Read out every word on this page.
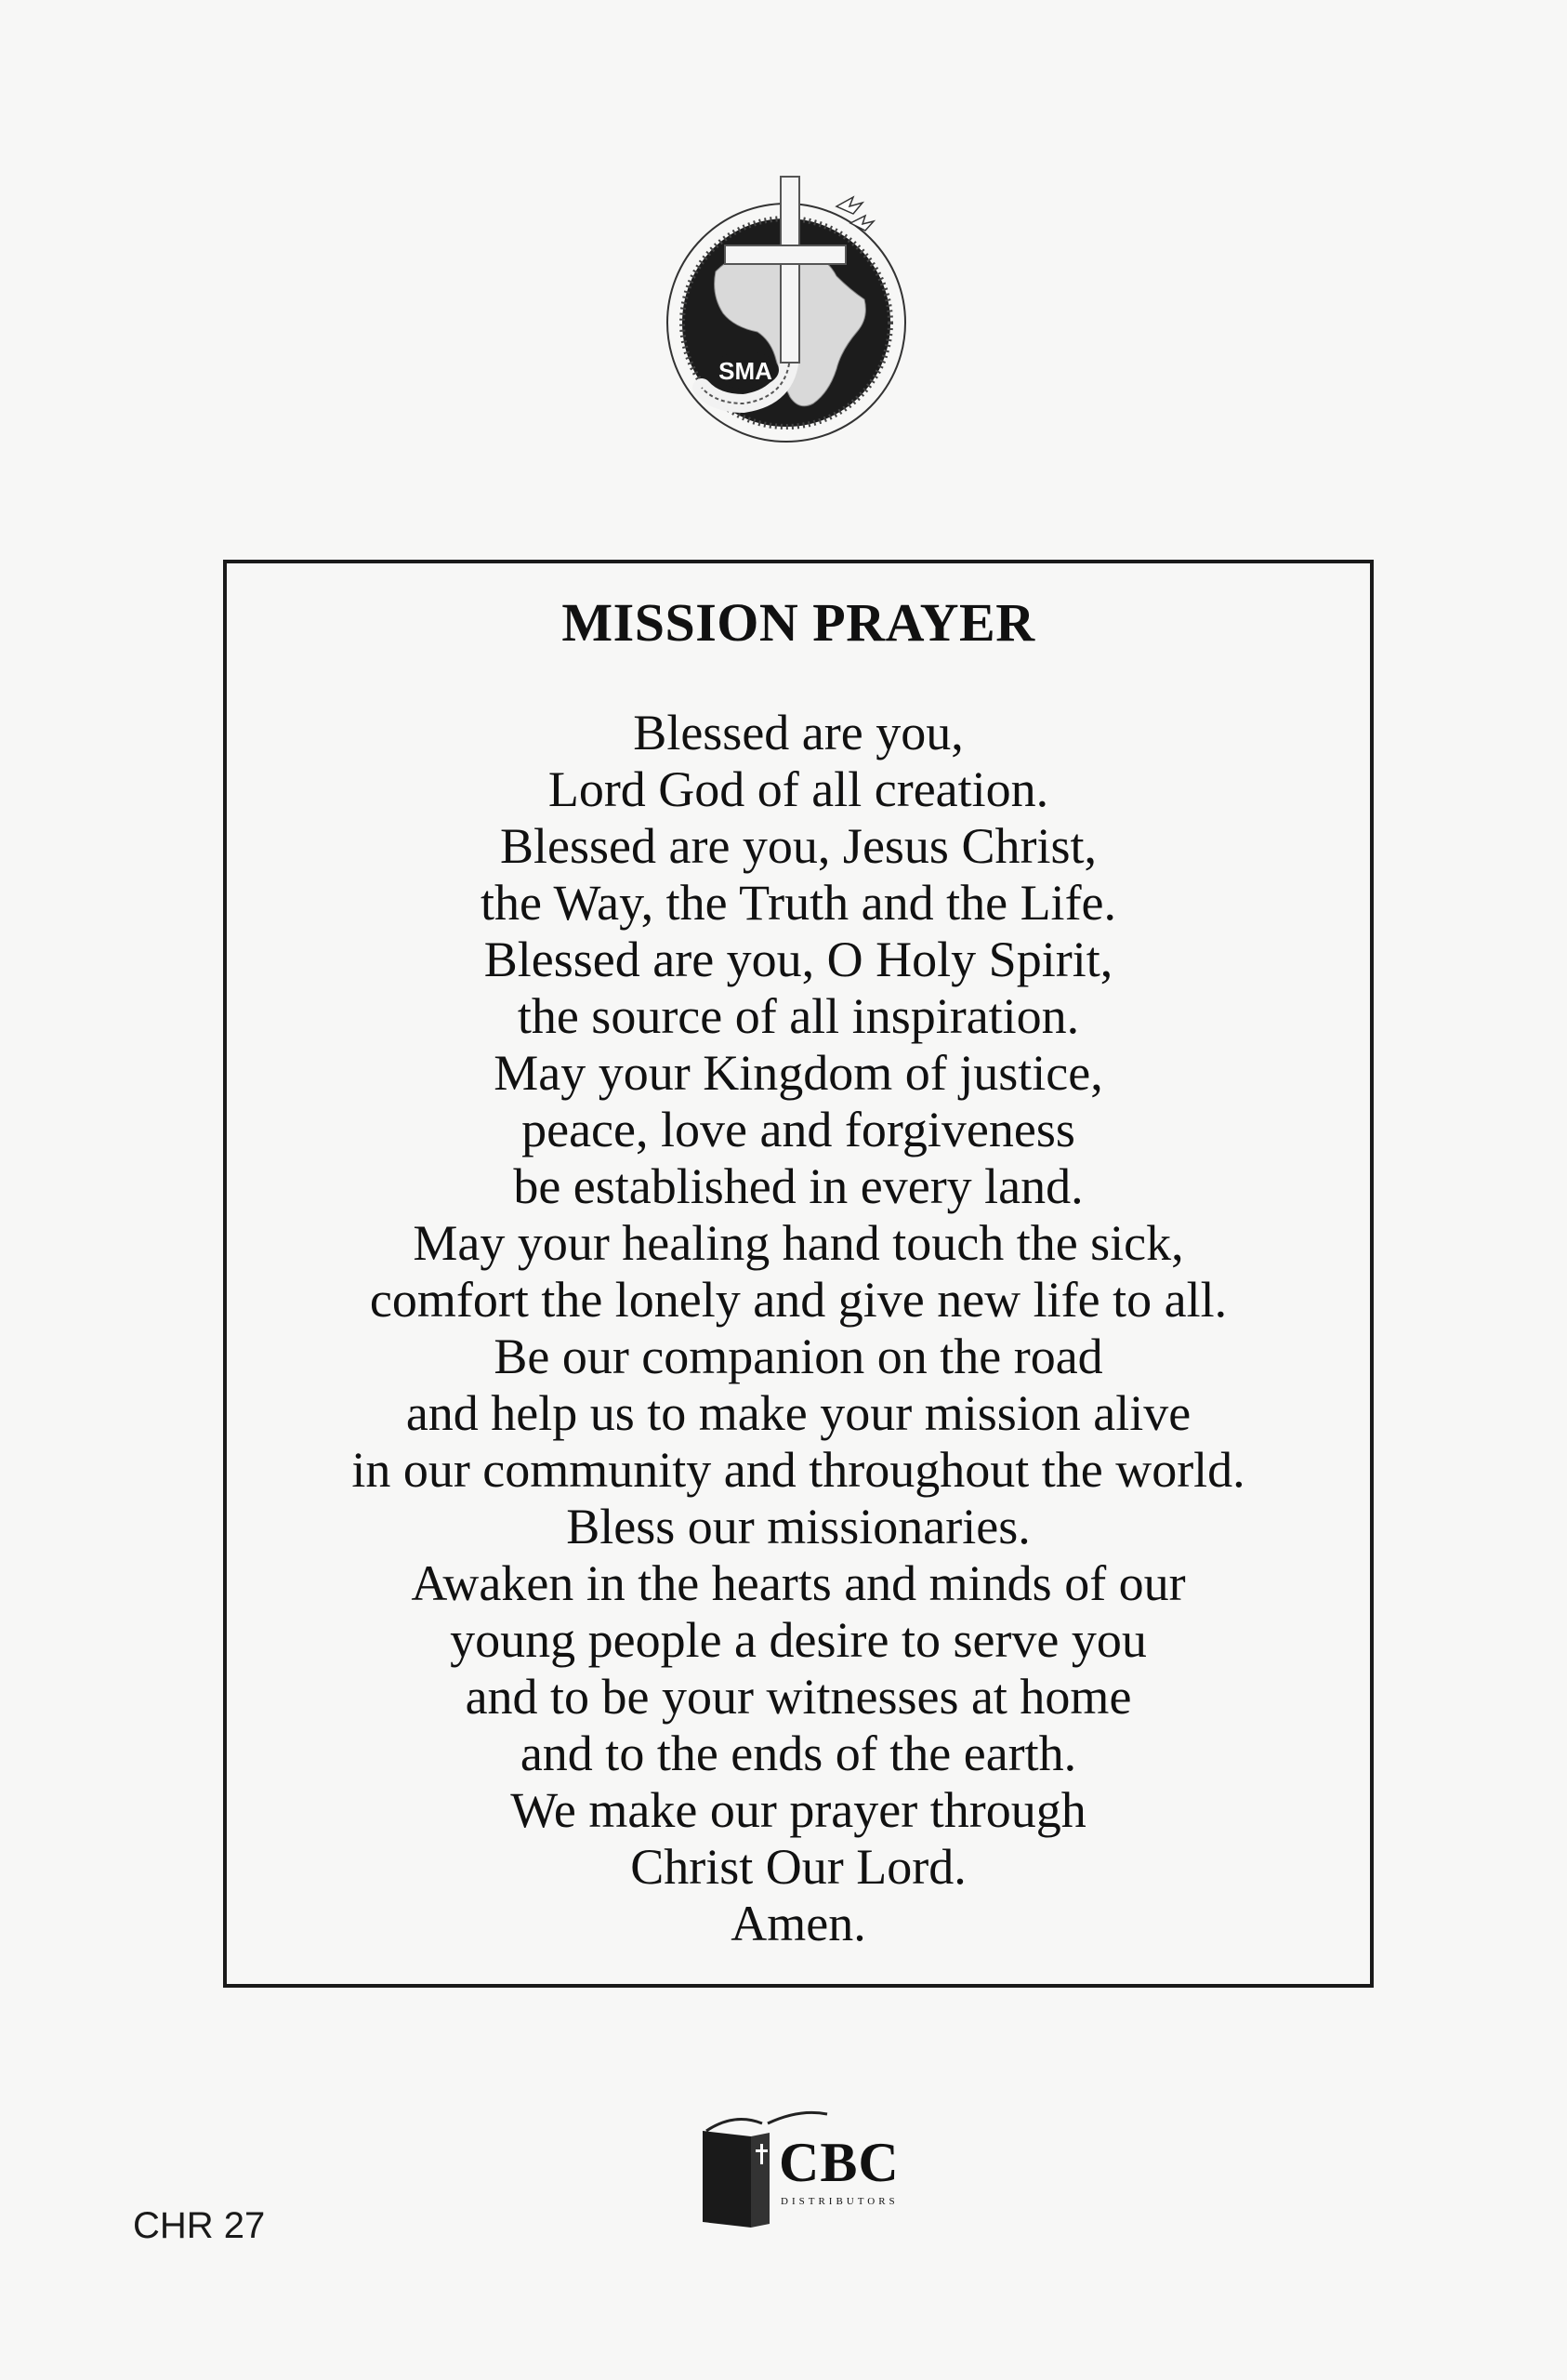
SMA
MISSION PRAYER
Blessed are you,
Lord God of all creation.
Blessed are you, Jesus Christ,
the Way, the Truth and the Life.
Blessed are you, O Holy Spirit,
the source of all inspiration.
May your Kingdom of justice,
peace, love and forgiveness
be established in every land.
May your healing hand touch the sick,
comfort the lonely and give new life to all.
Be our companion on the road
and help us to make your mission alive
in our community and throughout the world.
Bless our missionaries.
Awaken in the hearts and minds of our
young people a desire to serve you
and to be your witnesses at home
and to the ends of the earth.
We make our prayer through
Christ Our Lord.
Amen.
CBC
DISTRIBUTORS
CHR 27
